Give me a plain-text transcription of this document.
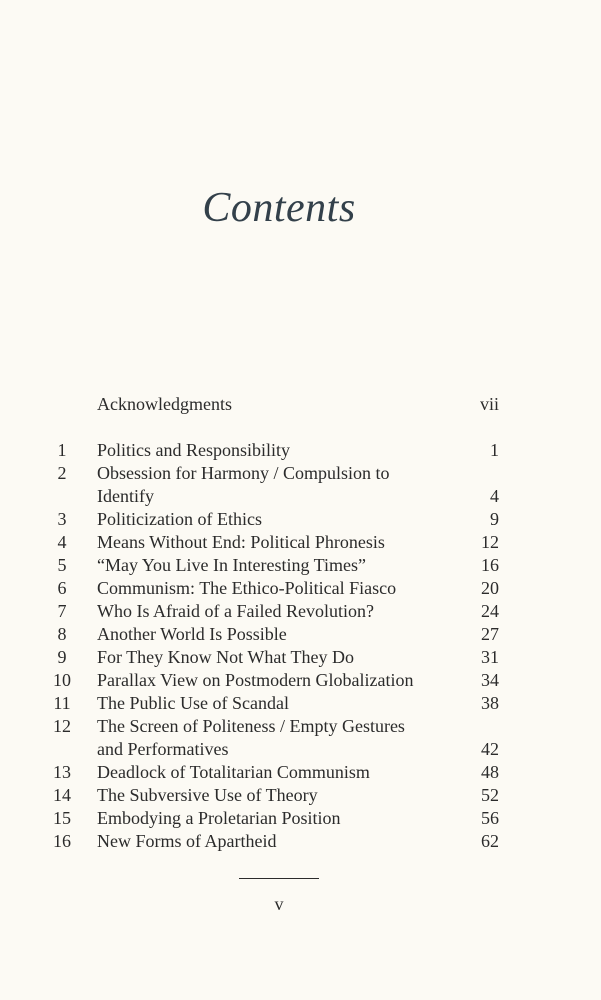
Contents
Acknowledgments	vii
1	Politics and Responsibility	1
2	Obsession for Harmony / Compulsion to
Identify	4
3	Politicization of Ethics	9
4	Means Without End: Political Phronesis	12
5	“May You Live In Interesting Times”	16
6	Communism: The Ethico-Political Fiasco	20
7	Who Is Afraid of a Failed Revolution?	24
8	Another World Is Possible	27
9	For They Know Not What They Do	31
10	Parallax View on Postmodern Globalization	34
11	The Public Use of Scandal	38
12	The Screen of Politeness / Empty Gestures
and Performatives	42
13	Deadlock of Totalitarian Communism	48
14	The Subversive Use of Theory	52
15	Embodying a Proletarian Position	56
16	New Forms of Apartheid	62
v
